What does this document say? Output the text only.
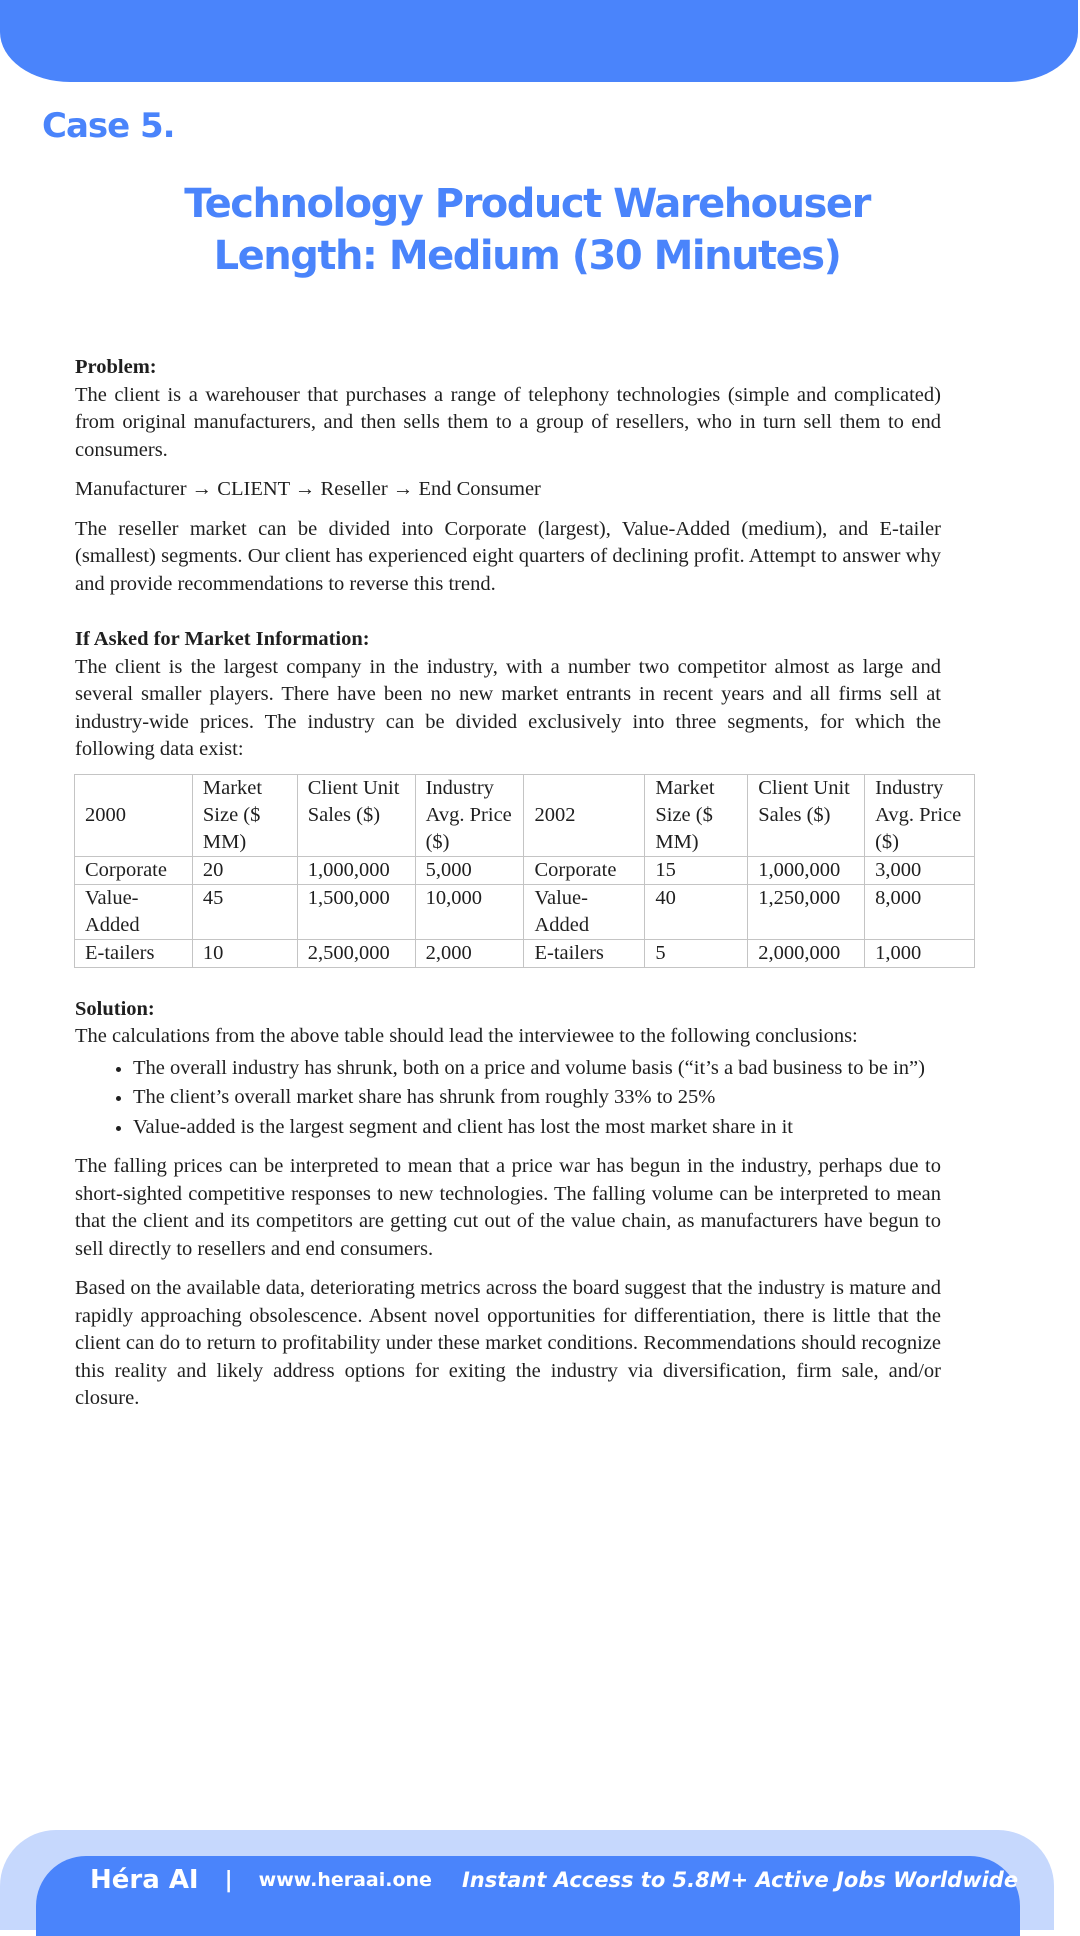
Case 5.
Technology Product Warehouser
Length: Medium (30 Minutes)

Problem:

The client is a warehouser that purchases a range of telephony technologies (simple and complicated) from original manufacturers, and then sells them to a group of resellers, who in turn sell them to end consumers.

Manufacturer → CLIENT → Reseller → End Consumer

The reseller market can be divided into Corporate (largest), Value-Added (medium), and E-tailer (smallest) segments. Our client has experienced eight quarters of declining profit. Attempt to answer why and provide recommendations to reverse this trend.

If Asked for Market Information:

The client is the largest company in the industry, with a number two competitor almost as large and several smaller players. There have been no new market entrants in recent years and all firms sell at industry-wide prices. The industry can be divided exclusively into three segments, for which the following data exist:

2000	Market Size ($ MM)	Client Unit Sales ($)	Industry Avg. Price ($)	2002	Market Size ($ MM)	Client Unit Sales ($)	Industry Avg. Price ($)
Corporate	20	1,000,000	5,000	Corporate	15	1,000,000	3,000
Value-Added	45	1,500,000	10,000	Value-Added	40	1,250,000	8,000
E-tailers	10	2,500,000	2,000	E-tailers	5	2,000,000	1,000

Solution:

The calculations from the above table should lead the interviewee to the following conclusions:

• The overall industry has shrunk, both on a price and volume basis (“it’s a bad business to be in”)
• The client’s overall market share has shrunk from roughly 33% to 25%
• Value-added is the largest segment and client has lost the most market share in it

The falling prices can be interpreted to mean that a price war has begun in the industry, perhaps due to short-sighted competitive responses to new technologies. The falling volume can be interpreted to mean that the client and its competitors are getting cut out of the value chain, as manufacturers have begun to sell directly to resellers and end consumers.

Based on the available data, deteriorating metrics across the board suggest that the industry is mature and rapidly approaching obsolescence. Absent novel opportunities for differentiation, there is little that the client can do to return to profitability under these market conditions. Recommendations should recognize this reality and likely address options for exiting the industry via diversification, firm sale, and/or closure.

Héra AI | www.heraai.one Instant Access to 5.8M+ Active Jobs Worldwide
